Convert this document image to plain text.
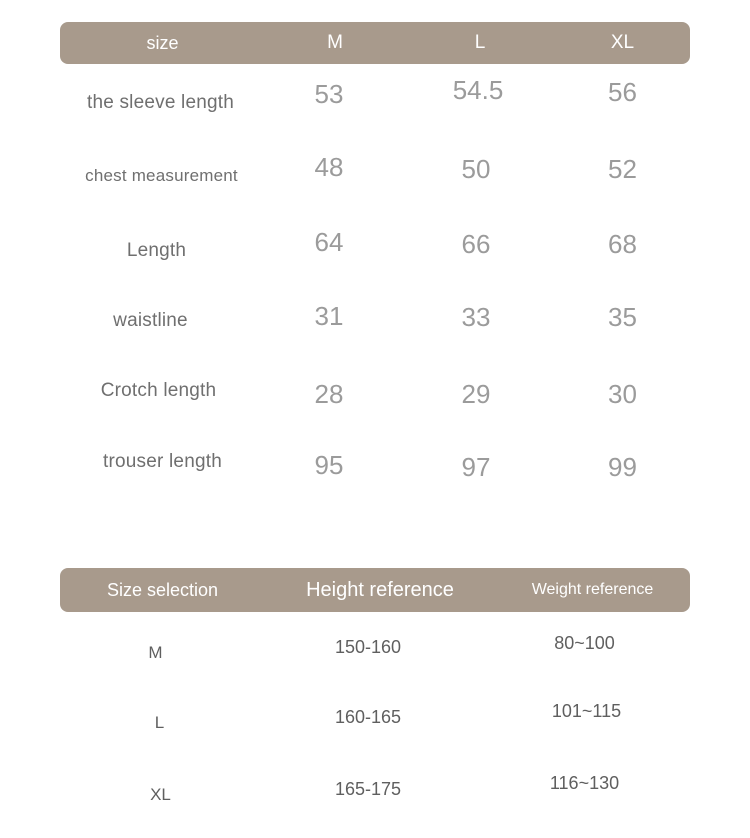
size	M	L	XL
the sleeve length	53	54.5	56
chest measurement	48	50	52
Length	64	66	68
waistline	31	33	35
Crotch length	28	29	30
trouser length	95	97	99
Size selection	Height reference	Weight reference
M	150-160	80~100
L	160-165	101~115
XL	165-175	116~130
